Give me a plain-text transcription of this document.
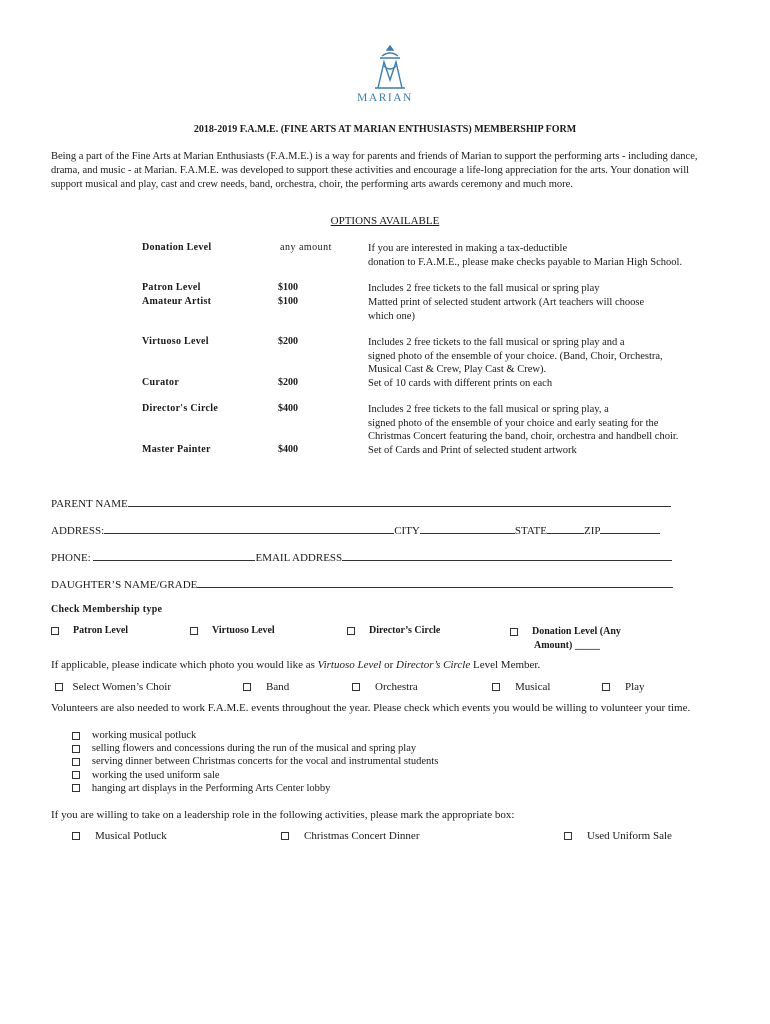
MARIAN
2018-2019 F.A.M.E. (FINE ARTS AT MARIAN ENTHUSIASTS) MEMBERSHIP FORM
Being a part of the Fine Arts at Marian Enthusiasts (F.A.M.E.) is a way for parents and friends of Marian to support the performing arts - including dance, drama, and music - at Marian. F.A.M.E. was developed to support these activities and encourage a life-long appreciation for the arts. Your donation will support musical and play, cast and crew needs, band, orchestra, choir, the performing arts awards ceremony and much more.
OPTIONS AVAILABLE
Donation Level	any amount	If you are interested in making a tax-deductible
donation to F.A.M.E., please make checks payable to Marian High School.
Patron Level	$100	Includes 2 free tickets to the fall musical or spring play
Amateur Artist	$100	Matted print of selected student artwork (Art teachers will choose
which one)
Virtuoso Level	$200	Includes 2 free tickets to the fall musical or spring play and a
signed photo of the ensemble of your choice. (Band, Choir, Orchestra,
Musical Cast & Crew, Play Cast & Crew).
Curator	$200	Set of 10 cards with different prints on each
Director's Circle	$400	Includes 2 free tickets to the fall musical or spring play, a
signed photo of the ensemble of your choice and early seating for the
Christmas Concert featuring the band, choir, orchestra and handbell choir.
Master Painter	$400	Set of Cards and Print of selected student artwork
PARENT NAME
ADDRESS:	CITY	STATE	ZIP
PHONE:	EMAIL ADDRESS
DAUGHTER’S NAME/GRADE
Check Membership type
Patron Level	Virtuoso Level	Director’s Circle	Donation Level (Any
Amount) _____
If applicable, please indicate which photo you would like as Virtuoso Level or Director’s Circle Level Member.
Select Women’s Choir	Band	Orchestra	Musical	Play
Volunteers are also needed to work F.A.M.E. events throughout the year. Please check which events you would be willing to volunteer your time.
working musical potluck
selling flowers and concessions during the run of the musical and spring play
serving dinner between Christmas concerts for the vocal and instrumental students
working the used uniform sale
hanging art displays in the Performing Arts Center lobby
If you are willing to take on a leadership role in the following activities, please mark the appropriate box:
Musical Potluck	Christmas Concert Dinner	Used Uniform Sale
